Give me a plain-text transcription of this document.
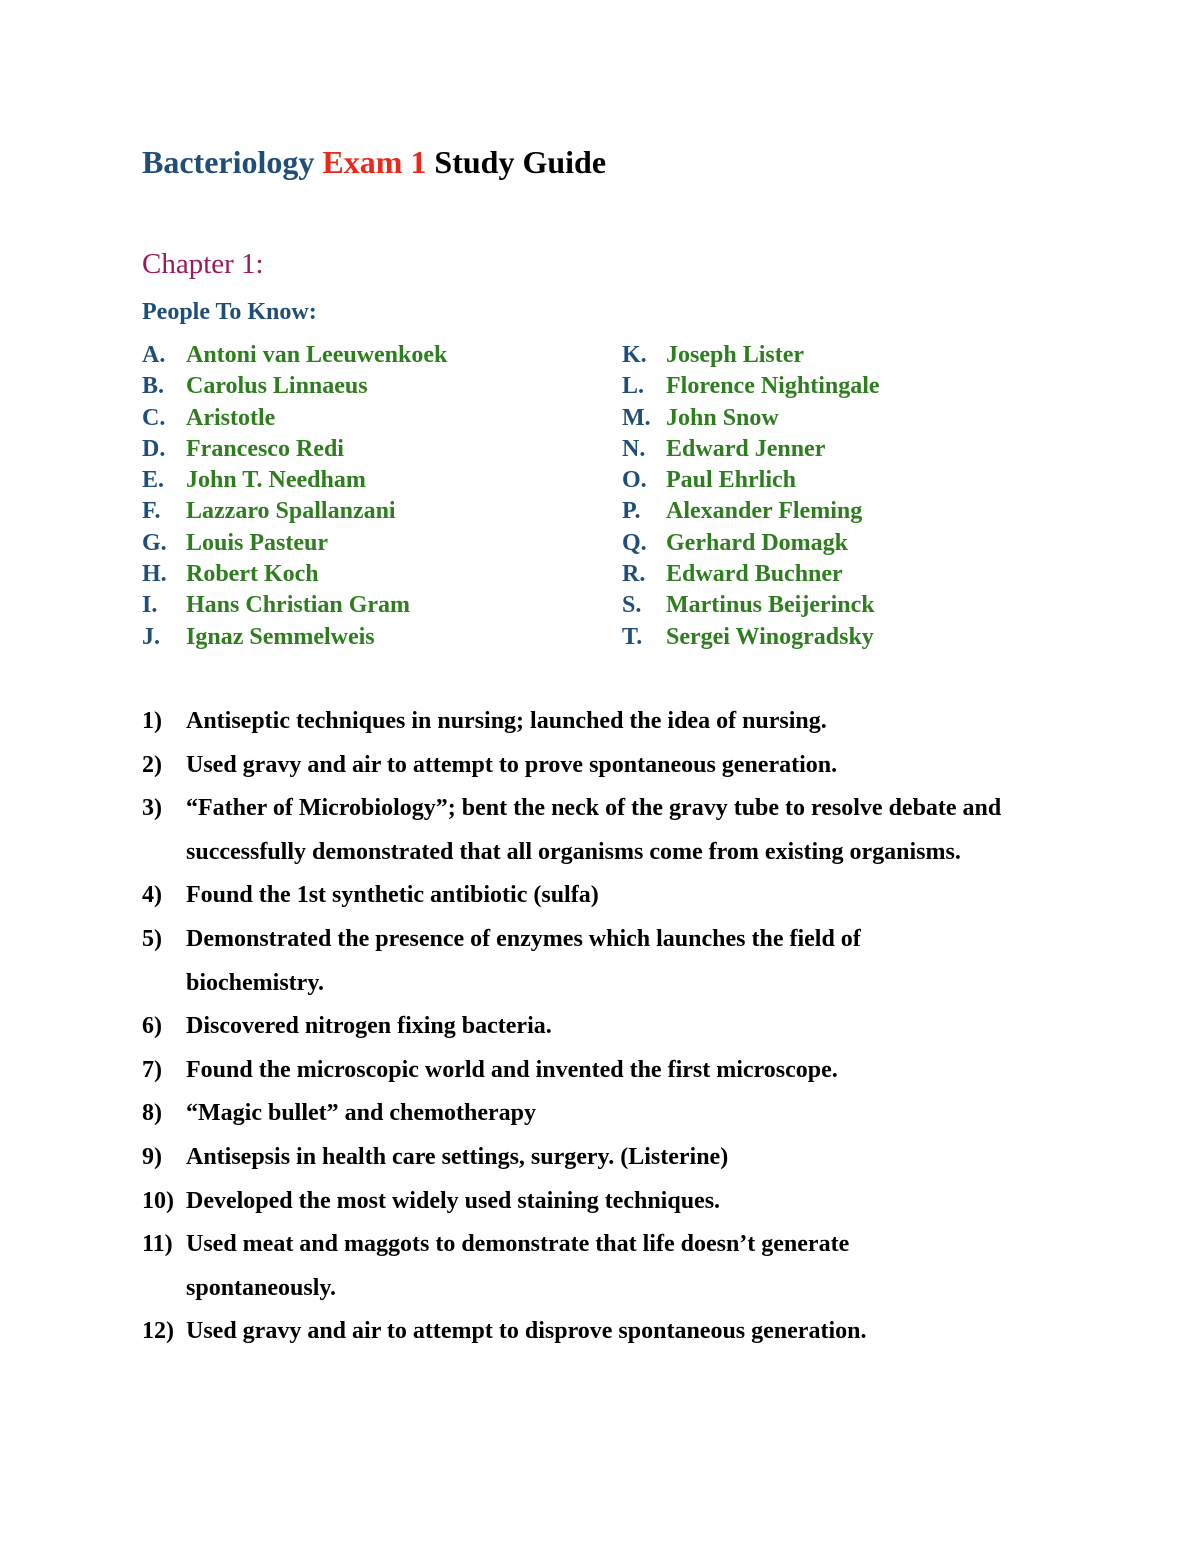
Bacteriology Exam 1 Study Guide
Chapter 1:
People To Know:
A. Antoni van Leeuwenkoek
B. Carolus Linnaeus
C. Aristotle
D. Francesco Redi
E. John T. Needham
F. Lazzaro Spallanzani
G. Louis Pasteur
H. Robert Koch
I. Hans Christian Gram
J. Ignaz Semmelweis
K. Joseph Lister
L. Florence Nightingale
M. John Snow
N. Edward Jenner
O. Paul Ehrlich
P. Alexander Fleming
Q. Gerhard Domagk
R. Edward Buchner
S. Martinus Beijerinck
T. Sergei Winogradsky
1)	Antiseptic techniques in nursing; launched the idea of nursing.
2)	Used gravy and air to attempt to prove spontaneous generation.
3)	“Father of Microbiology”; bent the neck of the gravy tube to resolve debate and successfully demonstrated that all organisms come from existing organisms.
4)	Found the 1st synthetic antibiotic (sulfa)
5)	Demonstrated the presence of enzymes which launches the field of biochemistry.
6)	Discovered nitrogen fixing bacteria.
7)	Found the microscopic world and invented the first microscope.
8)	“Magic bullet” and chemotherapy
9)	Antisepsis in health care settings, surgery. (Listerine)
10) Developed the most widely used staining techniques.
11) Used meat and maggots to demonstrate that life doesn’t generate spontaneously.
12) Used gravy and air to attempt to disprove spontaneous generation.
